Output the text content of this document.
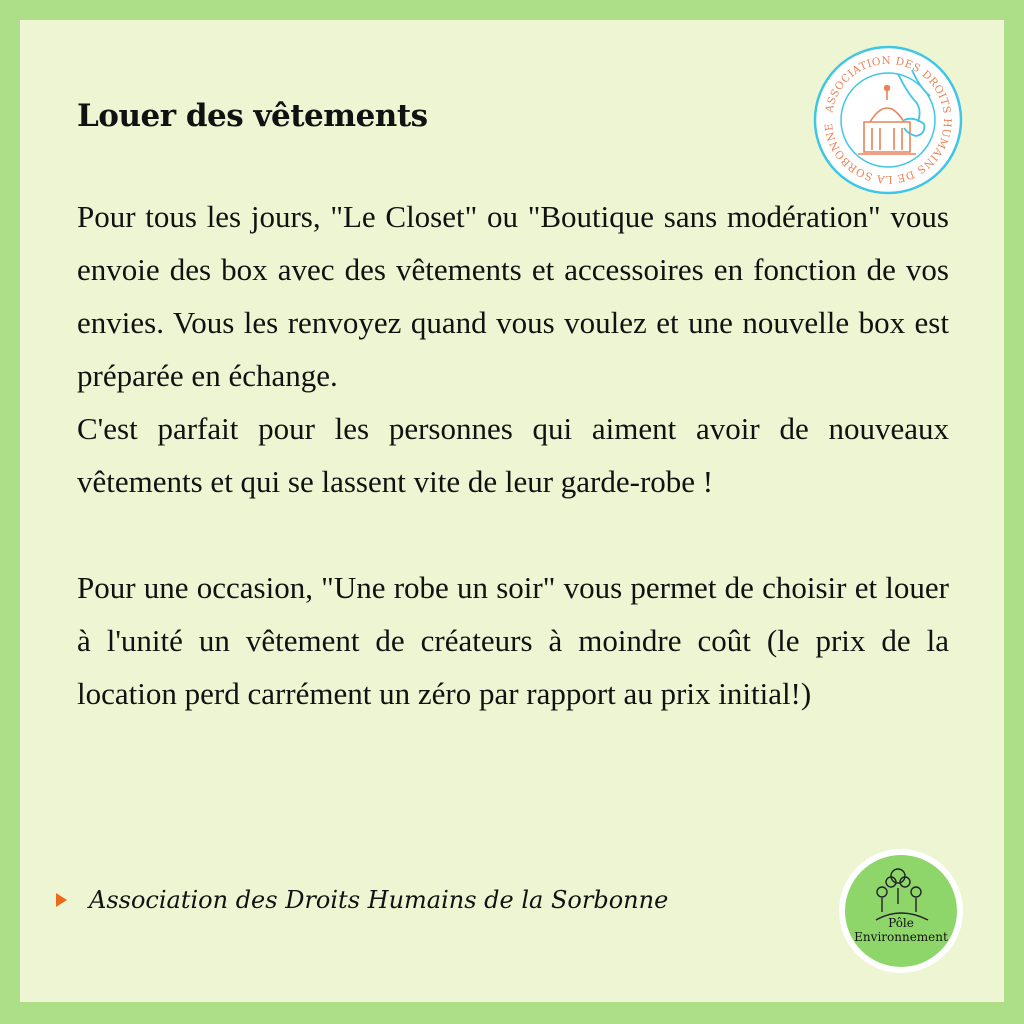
Louer des vêtements

Pour tous les jours, "Le Closet" ou "Boutique sans modération" vous envoie des box avec des vêtements et accessoires en fonction de vos envies. Vous les renvoyez quand vous voulez et une nouvelle box est préparée en échange.

C'est parfait pour les personnes qui aiment avoir de nouveaux vêtements et qui se lassent vite de leur garde-robe !

Pour une occasion, "Une robe un soir" vous permet de choisir et louer à l'unité un vêtement de créateurs à moindre coût (le prix de la location perd carrément un zéro par rapport au prix initial!)

Association des Droits Humains de la Sorbonne
ASSOCIATION DES DROITS HUMAINS DE LA SORBONNE
Pôle
Environnement
